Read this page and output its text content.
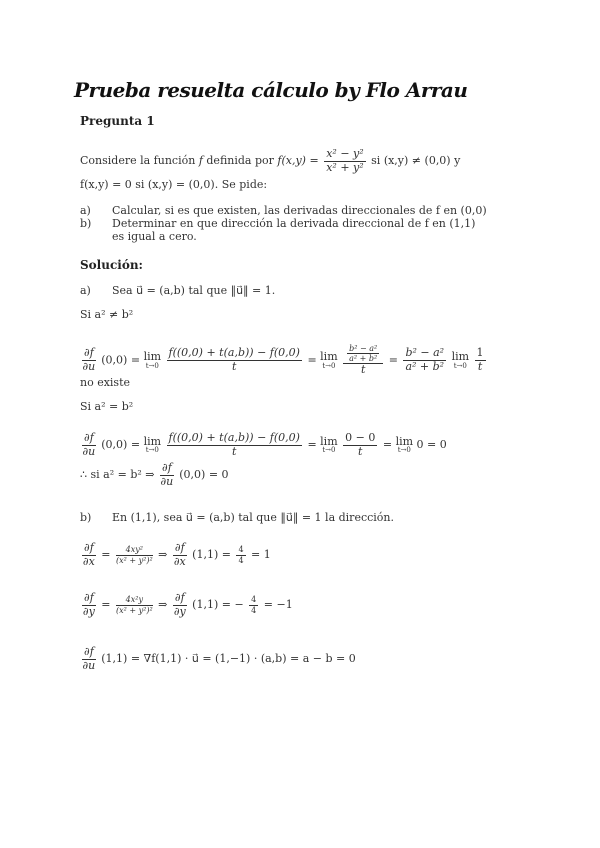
Prueba resuelta cálculo by Flo Arrau
Pregunta 1
Considere la función f definida por $f(x,y) = \frac{\text{x² − y²}}{\text{x² + y²}}$ si (x,y) ≠ (0,0) y
f(x,y) = 0 si (x,y) = (0,0). Se pide:
a) Calcular, si es que existen, las derivadas direccionales de f en (0,0)
b) Determinar en que dirección la derivada direccional de f en (1,1)
es igual a cero.
Solución:
a) Sea u⃗ = (a,b) tal que ‖u⃗‖ = 1.
Si a² ≠ b²
$\frac{\partial f}{\partial u} (0,0) = \lim$
t→0
$\frac{f((0,0) + t(a,b)) - f(0,0)}{t} = \lim$
t→0
$\frac{\frac{\text{b² − a²}}{\text{a² + b²}}}{t} = \frac{\text{b² − a²}}{\text{a² + b²}}$
lim
t→0
$\frac{1}{t}$
no existe
Si a² = b²
$\frac{\partial f}{\partial u} (0,0) = \lim$
t→0
$\frac{f((0,0) + t(a,b)) - f(0,0)}{t} = \lim$
t→0
$\frac{0 - 0}{t} = \lim$
t→0 0 = 0
∴ si a² = b² ⇒ $\frac{\partial f}{\partial u} (0,0) = 0$
b) En (1,1), sea u⃗ = (a,b) tal que ‖u⃗‖ = 1 la dirección.
$\frac{\partial f}{\partial x} = \frac{\text{4xy²}}{\text{(x² + y²)²}}$ ⇒ $\frac{\partial f}{\partial x} (1,1) = \frac{4}{4} = 1$
$\frac{\partial f}{\partial y} = \frac{\text{4x²y}}{\text{(x² + y²)²}}$ ⇒ $\frac{\partial f}{\partial y} (1,1)$ = − $\frac{4}{4} = -1$
$\frac{\partial f}{\partial u} (1,1) = \nabla f(1,1)$ · u⃗ = (1,−1) · (a,b) = a − b = 0
